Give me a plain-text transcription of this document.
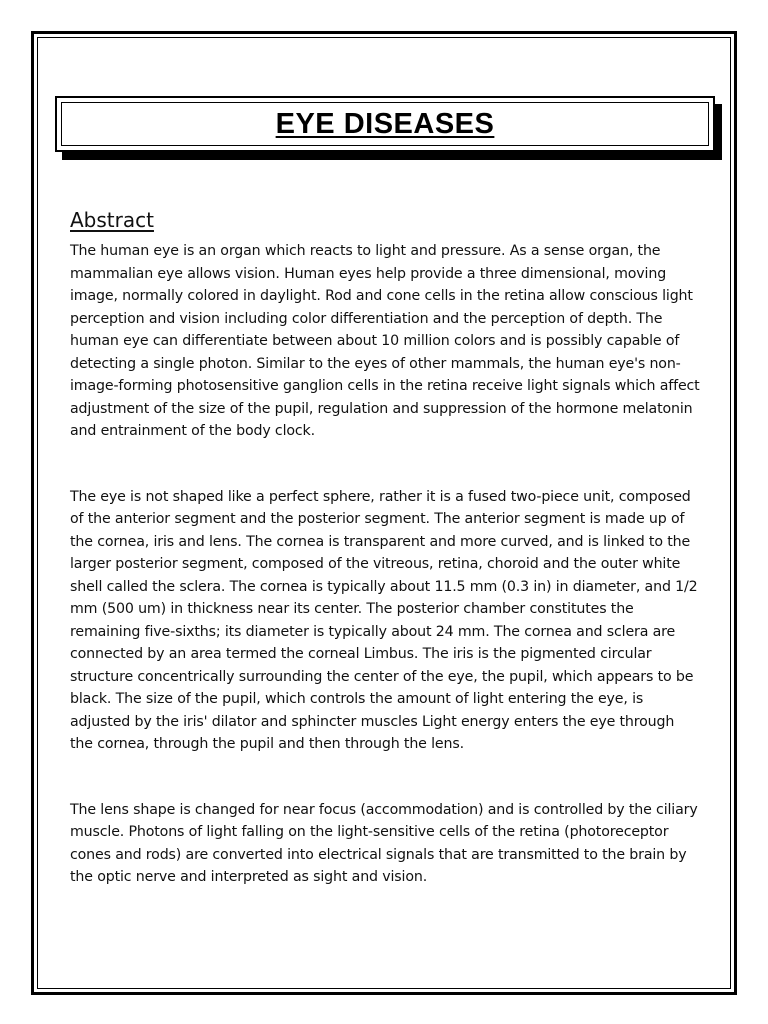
EYE DISEASES
Abstract

The human eye is an organ which reacts to light and pressure. As a sense organ, the mammalian eye allows vision. Human eyes help provide a three dimensional, moving image, normally colored in daylight. Rod and cone cells in the retina allow conscious light perception and vision including color differentiation and the perception of depth. The human eye can differentiate between about 10 million colors and is possibly capable of detecting a single photon. Similar to the eyes of other mammals, the human eye's non-image-forming photosensitive ganglion cells in the retina receive light signals which affect adjustment of the size of the pupil, regulation and suppression of the hormone melatonin and entrainment of the body clock.

The eye is not shaped like a perfect sphere, rather it is a fused two-piece unit, composed of the anterior segment and the posterior segment. The anterior segment is made up of the cornea, iris and lens. The cornea is transparent and more curved, and is linked to the larger posterior segment, composed of the vitreous, retina, choroid and the outer white shell called the sclera. The cornea is typically about 11.5 mm (0.3 in) in diameter, and 1/2 mm (500 um) in thickness near its center. The posterior chamber constitutes the remaining five-sixths; its diameter is typically about 24 mm. The cornea and sclera are connected by an area termed the corneal Limbus. The iris is the pigmented circular structure concentrically surrounding the center of the eye, the pupil, which appears to be black. The size of the pupil, which controls the amount of light entering the eye, is adjusted by the iris' dilator and sphincter muscles Light energy enters the eye through the cornea, through the pupil and then through the lens.

The lens shape is changed for near focus (accommodation) and is controlled by the ciliary muscle. Photons of light falling on the light-sensitive cells of the retina (photoreceptor cones and rods) are converted into electrical signals that are transmitted to the brain by the optic nerve and interpreted as sight and vision.
